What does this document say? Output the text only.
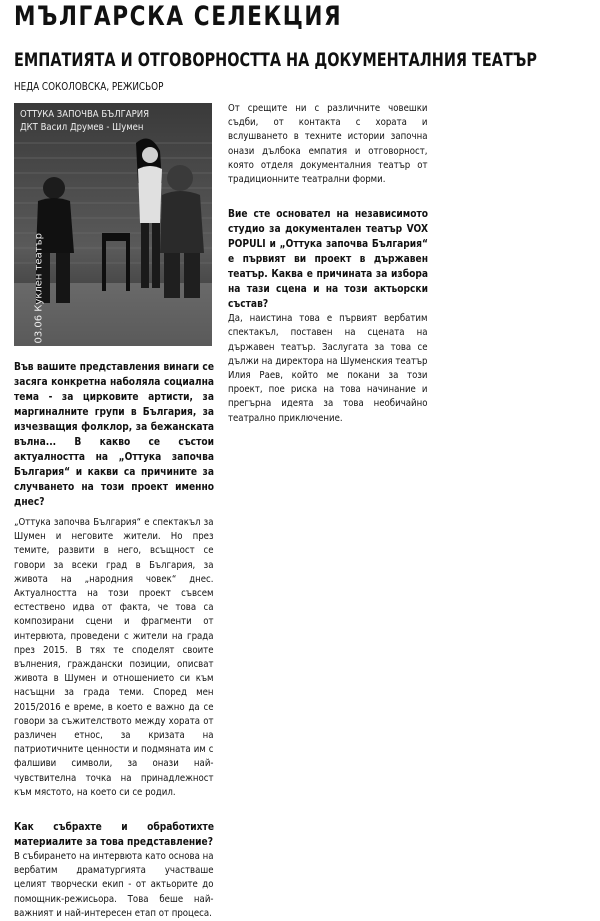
МЪЛГАРСКА СЕЛЕКЦИЯ
ЕМПАТИЯТА И ОТГОВОРНОСТТА НА ДОКУМЕНТАЛНИЯ ТЕАТЪР
НЕДА СОКОЛОВСКА, РЕЖИСЬОР
ОТТУКА ЗАПОЧВА БЪЛГАРИЯ
ДКТ Васил Друмев - Шумен
03.06 Куклен театър

Във вашите представления винаги се засяга конкретна наболяла социална тема - за цирковите артисти, за маргиналните групи в България, за изчезващия фолклор, за бежанската вълна... В какво се състои актуалността на „Оттука започва България“ и какви са причините за случването на този проект именно днес?

„Оттука започва България“ е спектакъл за Шумен и неговите жители. Но през темите, развити в него, всъщност се говори за всеки град в България, за живота на „народния човек“ днес. Актуалността на този проект съвсем естествено идва от факта, че това са композирани сцени и фрагменти от интервюта, проведени с жители на града през 2015. В тях те споделят своите вълнения, граждански позиции, описват живота в Шумен и отношението си към насъщни за града теми. Според мен 2015/2016 е време, в което е важно да се говори за съжителството между хората от различен етнос, за кризата на патриотичните ценности и подмяната им с фалшиви символи, за онази най-чувствителна точка на принадлежност към мястото, на което си се родил.

Как събрахте и обработихте материалите за това представление?

В събирането на интервюта като основа на вербатим драматургията участваше целият творчески екип - от актьорите до помощник-режисьора. Това беше най-важният и най-интересен етап от процеса.

От срещите ни с различните човешки съдби, от контакта с хората и вслушването в техните истории започна онази дълбока емпатия и отговорност, която отделя документалния театър от традиционните театрални форми.

Вие сте основател на независимото студио за документален театър VOX POPULI и „Оттука започва България“ е първият ви проект в държавен театър. Каква е причината за избора на тази сцена и на този актьорски състав?

Да, наистина това е първият вербатим спектакъл, поставен на сцената на държавен театър. Заслугата за това се дължи на директора на Шуменския театър Илия Раев, който ме покани за този проект, пое риска на това начинание и прегърна идеята за това необичайно театрално приключение.
